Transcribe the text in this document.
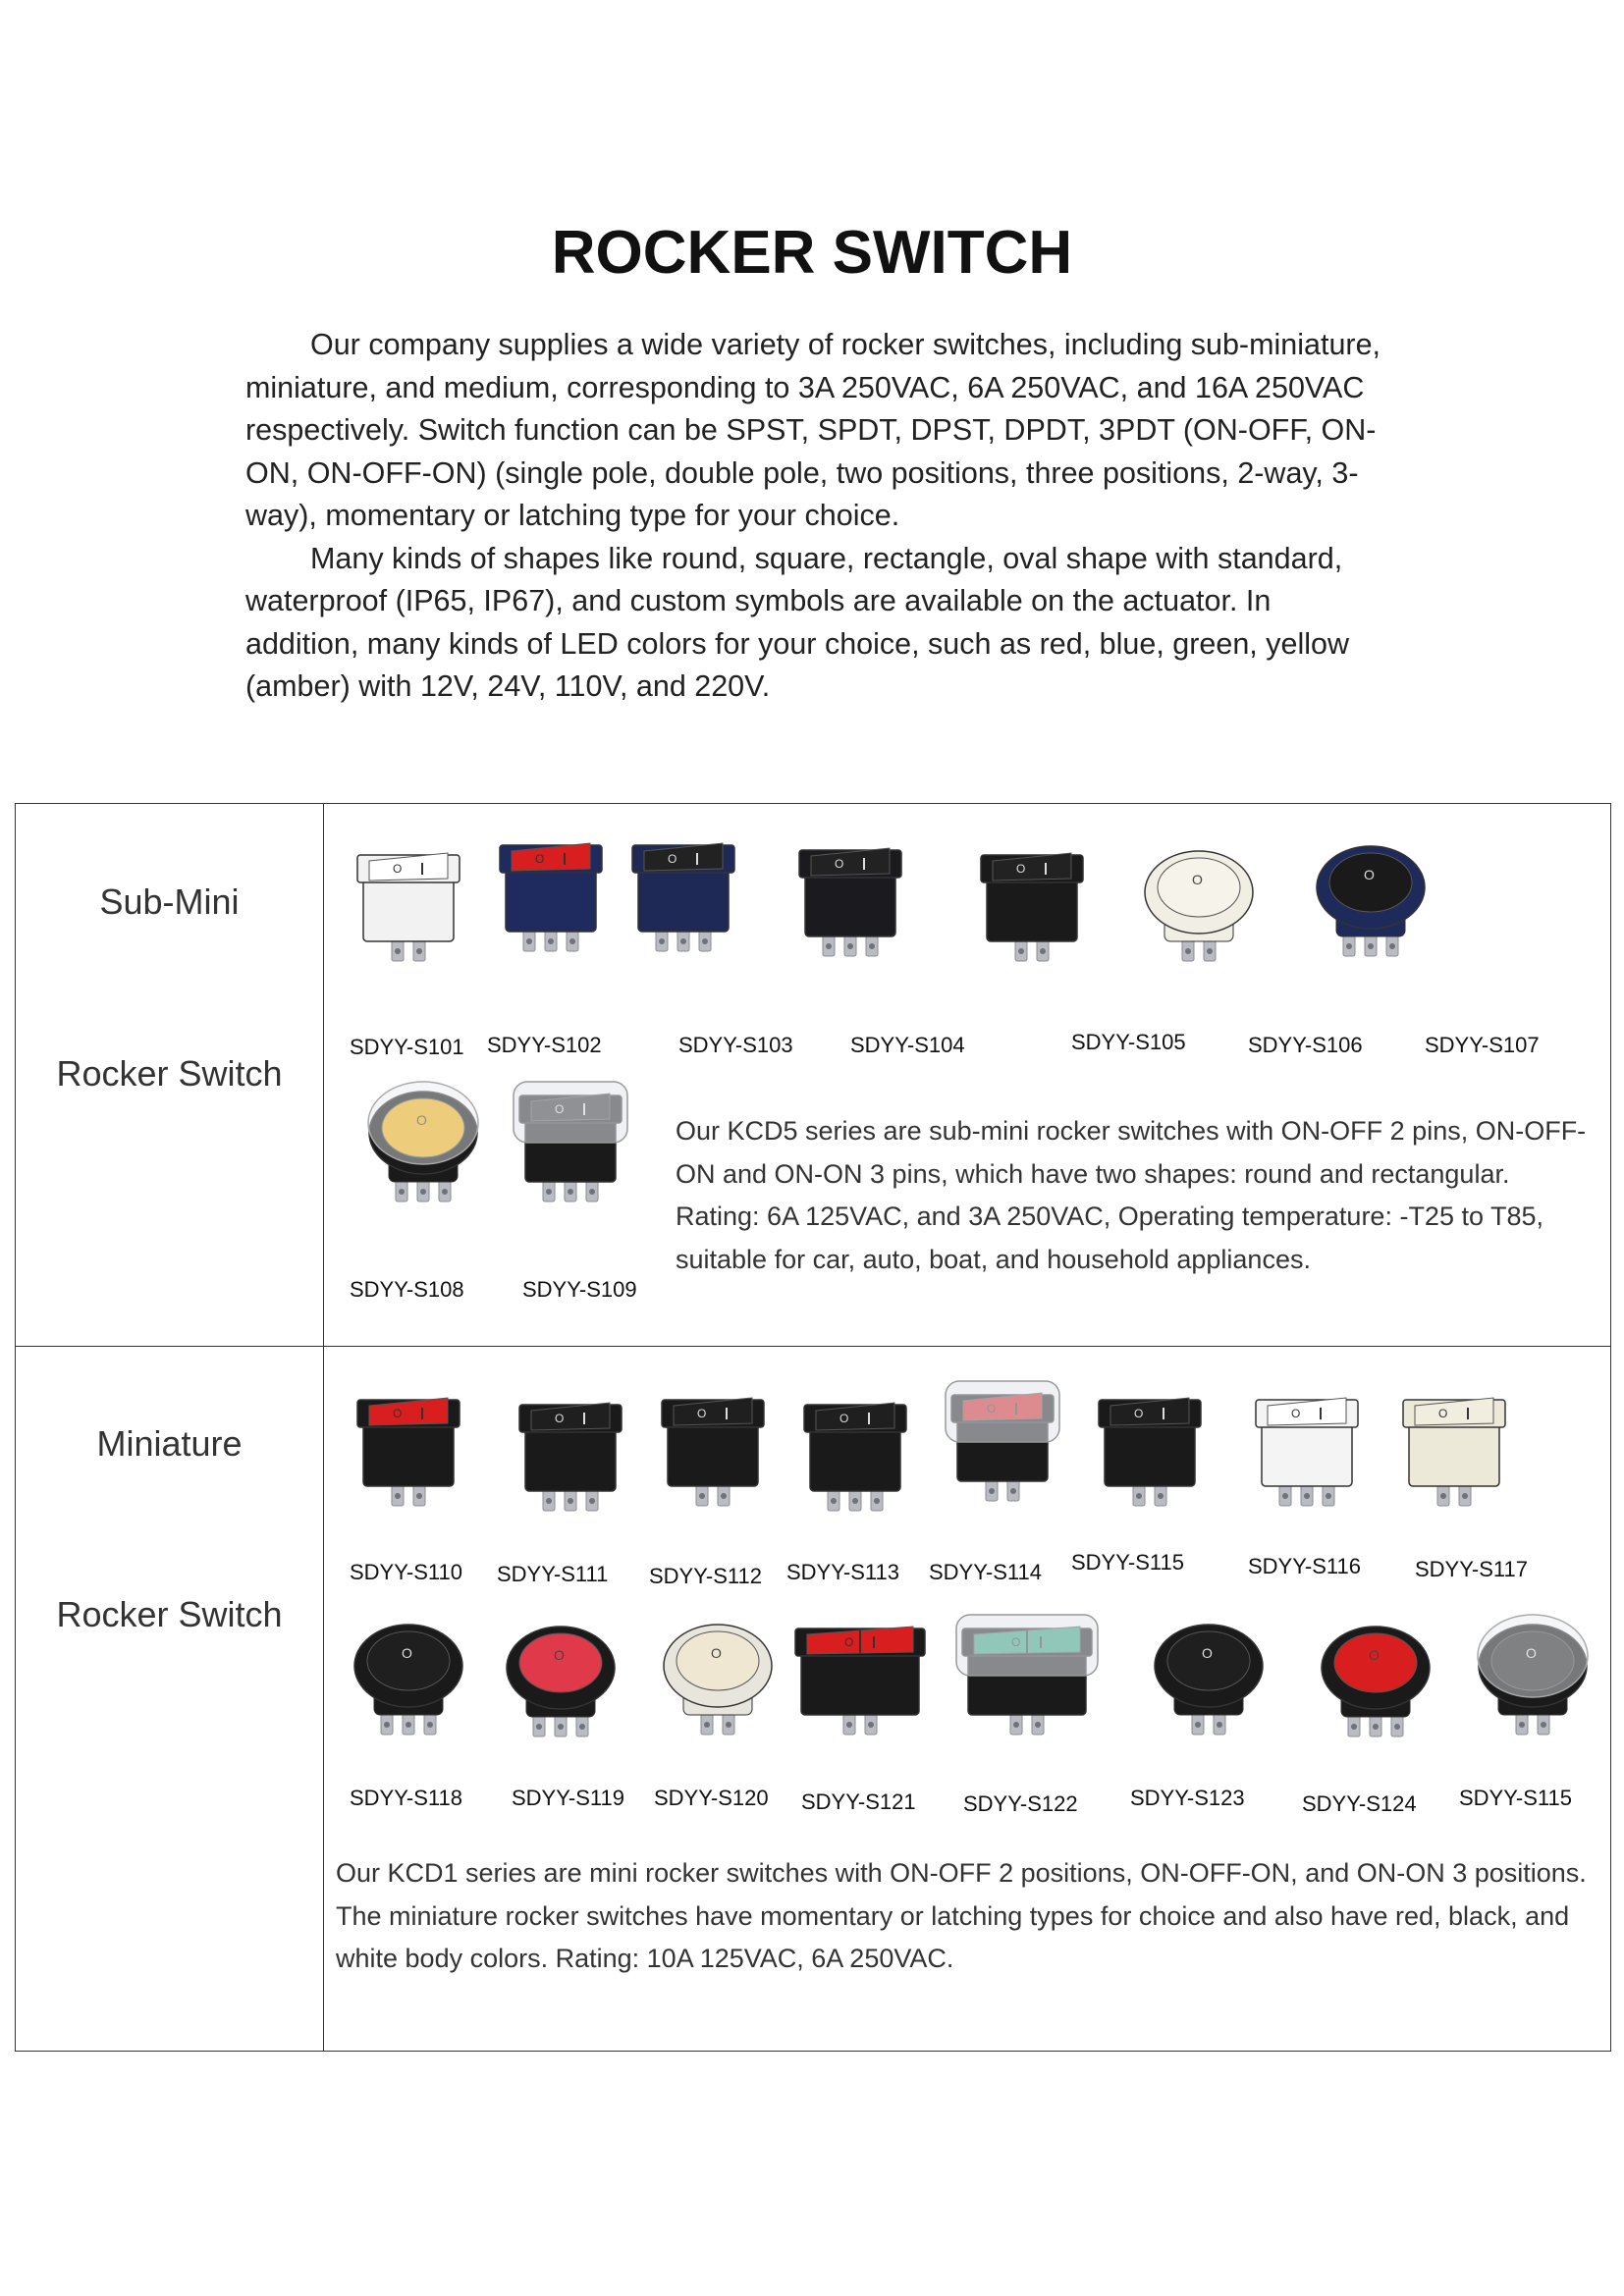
ROCKER SWITCH

Our company supplies a wide variety of rocker switches, including sub-miniature, miniature, and medium, corresponding to 3A 250VAC, 6A 250VAC, and 16A 250VAC respectively. Switch function can be SPST, SPDT, DPST, DPDT, 3PDT (ON-OFF, ON-ON, ON-OFF-ON) (single pole, double pole, two positions, three positions, 2-way, 3-way), momentary or latching type for your choice.

Many kinds of shapes like round, square, rectangle, oval shape with standard, waterproof (IP65, IP67), and custom symbols are available on the actuator. In addition, many kinds of LED colors for your choice, such as red, blue, green, yellow (amber) with 12V, 24V, 110V, and 220V.

Sub-Mini
Rocker Switch
Miniature
Rocker Switch
O
SDYY-S101
O
SDYY-S102
O
SDYY-S103
O
SDYY-S104
O
SDYY-S105
O
SDYY-S106
O
SDYY-S107
SDYY-S108	SDYY-S109
O
SDYY-S110
O
SDYY-S111
O
SDYY-S112
O
SDYY-S113 SDYY-S114
O
SDYY-S115
O
SDYY-S116
O
SDYY-S117
O
SDYY-S118
O
SDYY-S119
O
SDYY-S120
O
SDYY-S121 SDYY-S122
O
SDYY-S123
O
SDYY-S124 SDYY-S115
Our KCD5 series are sub-mini rocker switches with ON-OFF 2 pins, ON-OFF-ON and ON-ON 3 pins, which have two shapes: round and rectangular. Rating: 6A 125VAC, and 3A 250VAC, Operating temperature: -T25 to T85, suitable for car, auto, boat, and household appliances.
Our KCD1 series are mini rocker switches with ON-OFF 2 positions, ON-OFF-ON, and ON-ON 3 positions. The miniature rocker switches have momentary or latching types for choice and also have red, black, and white body colors. Rating: 10A 125VAC, 6A 250VAC.
